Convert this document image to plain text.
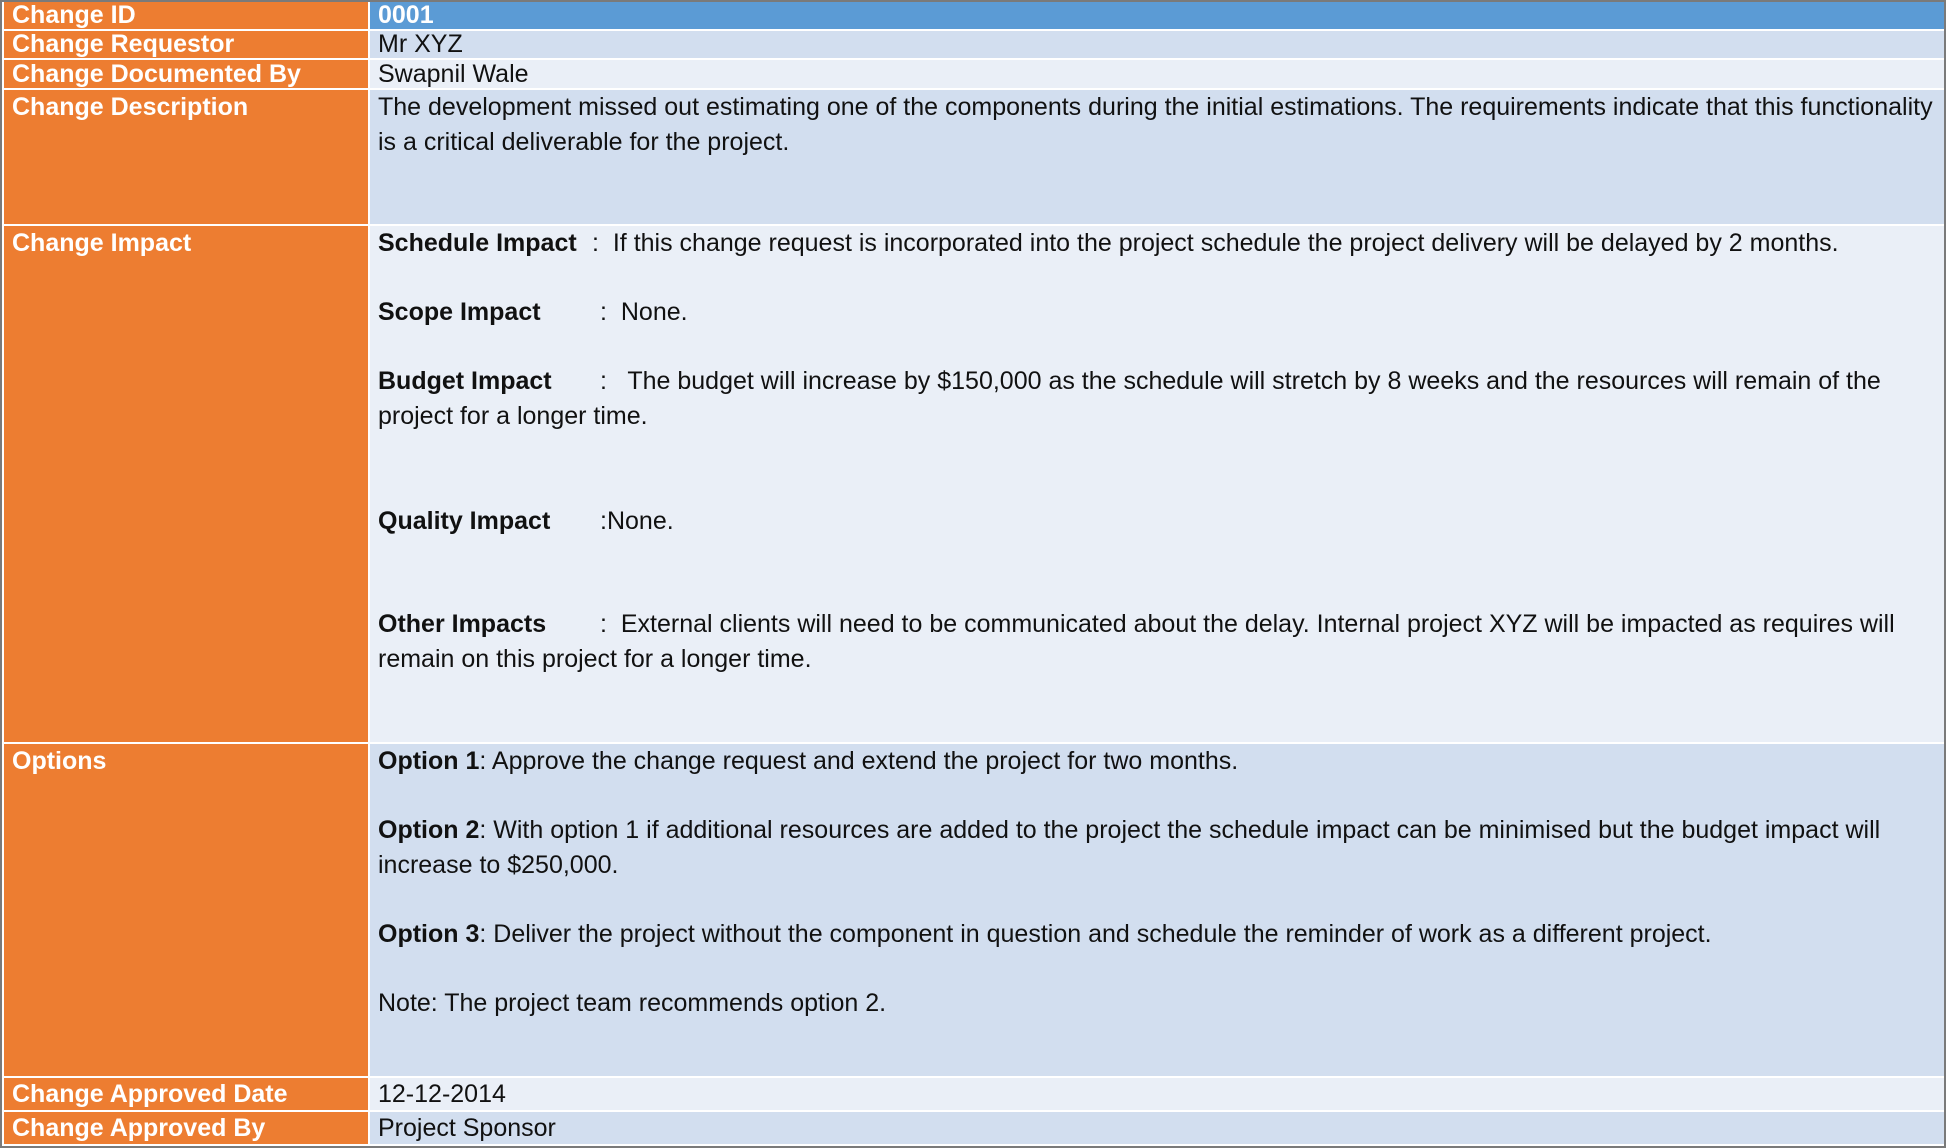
Change ID	0001
Change Requestor	Mr XYZ
Change Documented By	Swapnil Wale
Change Description	The development missed out estimating one of the components during the initial estimations. The requirements indicate that this functionality is a critical deliverable for the project.
Change Impact	Schedule Impact : If this change request is incorporated into the project schedule the project delivery will be delayed by 2 months.

Scope Impact : None.

Budget Impact : The budget will increase by $150,000 as the schedule will stretch by 8 weeks and the resources will remain of the project for a longer time.

Quality Impact :None.

Other Impacts : External clients will need to be communicated about the delay. Internal project XYZ will be impacted as requires will remain on this project for a longer time.

Options	Option 1: Approve the change request and extend the project for two months.

Option 2: With option 1 if additional resources are added to the project the schedule impact can be minimised but the budget impact will increase to $250,000.

Option 3: Deliver the project without the component in question and schedule the reminder of work as a different project.

Note: The project team recommends option 2.

Change Approved Date	12-12-2014
Change Approved By	Project Sponsor
